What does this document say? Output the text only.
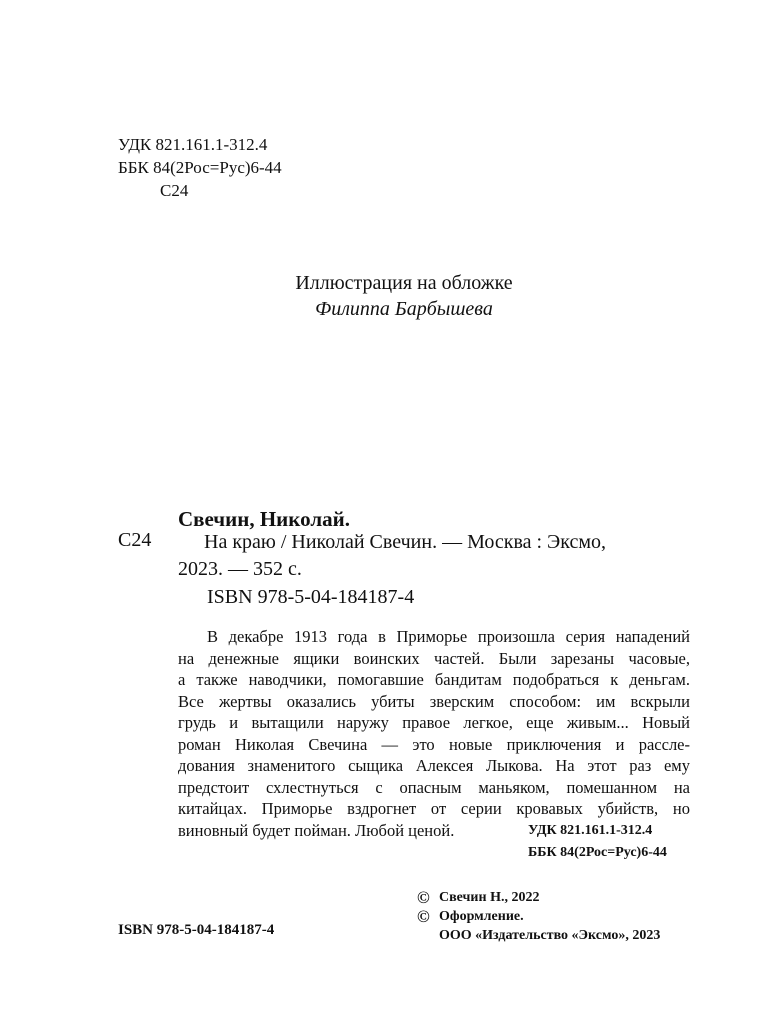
УДК 821.161.1-312.4
ББК 84(2Рос=Рус)6-44
С24
Иллюстрация на обложке
Филиппа Барбышева
Свечин, Николай.
С24	На краю / Николай Свечин. — Москва : Эксмо,
2023. — 352 с.
ISBN 978-5-04-184187-4
В декабре 1913 года в Приморье произошла серия нападений
на денежные ящики воинских частей. Были зарезаны часовые,
а также наводчики, помогавшие бандитам подобраться к деньгам.
Все жертвы оказались убиты зверским способом: им вскрыли
грудь и вытащили наружу правое легкое, еще живым... Новый
роман Николая Свечина — это новые приключения и рассле-
дования знаменитого сыщика Алексея Лыкова. На этот раз ему
предстоит схлестнуться с опасным маньяком, помешанном на
китайцах. Приморье вздрогнет от серии кровавых убийств, но
виновный будет пойман. Любой ценой.	УДК 821.161.1-312.4
ББК 84(2Рос=Рус)6-44
ISBN 978-5-04-184187-4
© Свечин Н., 2022
© Оформление.
ООО «Издательство «Эксмо», 2023
